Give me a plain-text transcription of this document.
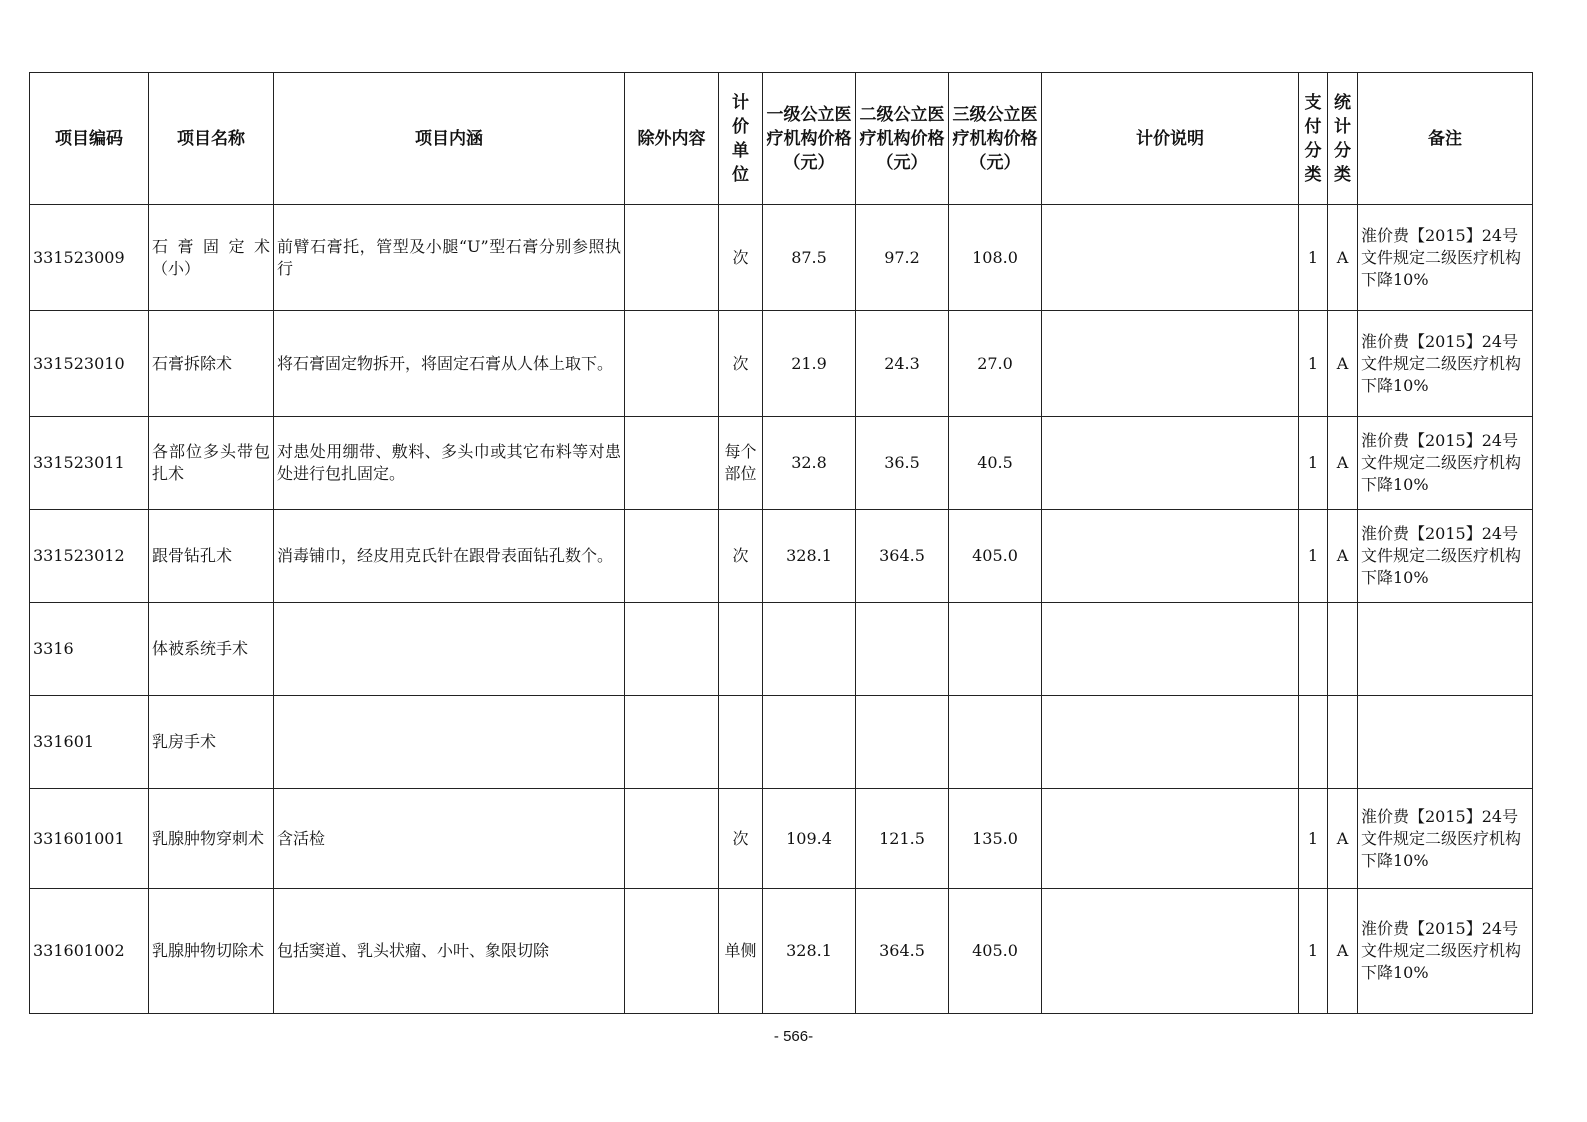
项目编码	项目名称	项目内涵	除外内容	计价单位	一级公立医疗机构价格（元）	二级公立医疗机构价格（元）	三级公立医疗机构价格（元）	计价说明	支付分类	统计分类	备注
331523009	石膏固定术（小）	前臂石膏托，管型及小腿“U”型石膏分别参照执行		次	87.5	97.2	108.0		1	A	淮价费【2015】24号文件规定二级医疗机构下降10%
331523010	石膏拆除术	将石膏固定物拆开，将固定石膏从人体上取下。		次	21.9	24.3	27.0		1	A	淮价费【2015】24号文件规定二级医疗机构下降10%
331523011	各部位多头带包扎术	对患处用绷带、敷料、多头巾或其它布料等对患处进行包扎固定。		每个部位	32.8	36.5	40.5		1	A	淮价费【2015】24号文件规定二级医疗机构下降10%
331523012	跟骨钻孔术	消毒铺巾，经皮用克氏针在跟骨表面钻孔数个。		次	328.1	364.5	405.0		1	A	淮价费【2015】24号文件规定二级医疗机构下降10%
3316	体被系统手术										
331601	乳房手术										
331601001	乳腺肿物穿刺术	含活检		次	109.4	121.5	135.0		1	A	淮价费【2015】24号文件规定二级医疗机构下降10%
331601002	乳腺肿物切除术	包括窦道、乳头状瘤、小叶、象限切除		单侧	328.1	364.5	405.0		1	A	淮价费【2015】24号文件规定二级医疗机构下降10%
- 566-
